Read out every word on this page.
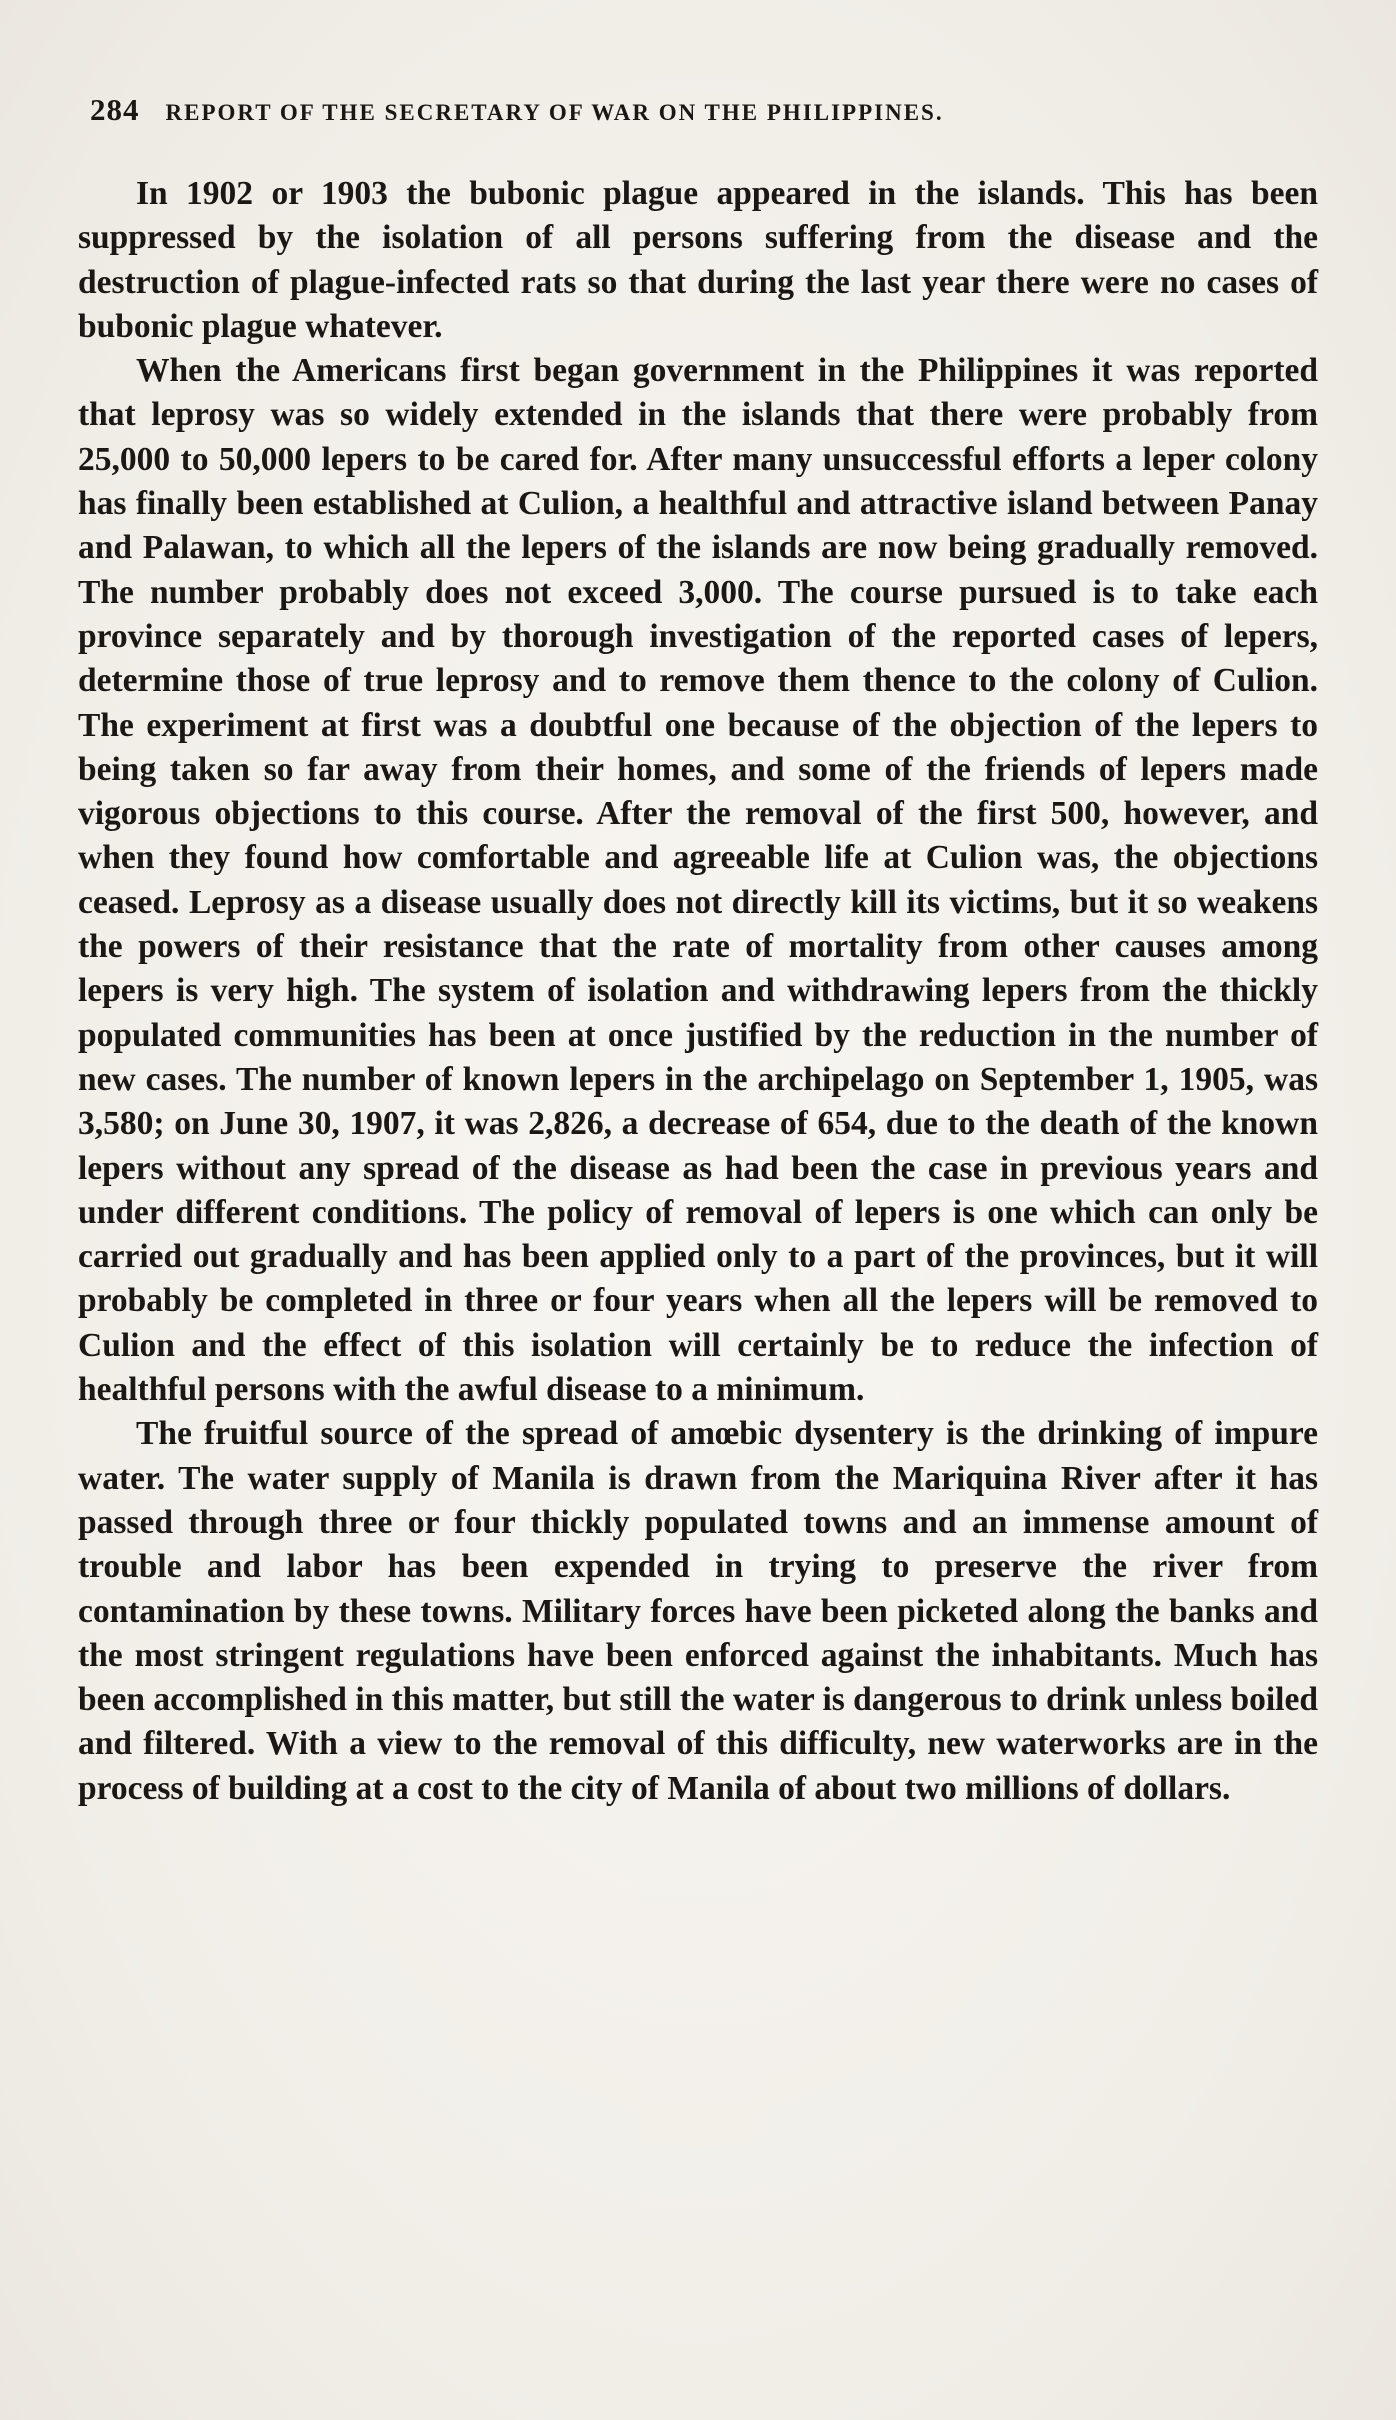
284 REPORT OF THE SECRETARY OF WAR ON THE PHILIPPINES.

In 1902 or 1903 the bubonic plague appeared in the islands. This has been suppressed by the isolation of all persons suffering from the disease and the destruction of plague-infected rats so that during the last year there were no cases of bubonic plague whatever.

When the Americans first began government in the Philippines it was reported that leprosy was so widely extended in the islands that there were probably from 25,000 to 50,000 lepers to be cared for. After many unsuccessful efforts a leper colony has finally been established at Culion, a healthful and attractive island between Panay and Palawan, to which all the lepers of the islands are now being gradually removed. The number probably does not exceed 3,000. The course pursued is to take each province separately and by thorough investigation of the reported cases of lepers, determine those of true leprosy and to remove them thence to the colony of Culion. The experiment at first was a doubtful one because of the objection of the lepers to being taken so far away from their homes, and some of the friends of lepers made vigorous objections to this course. After the removal of the first 500, however, and when they found how comfortable and agreeable life at Culion was, the objections ceased. Leprosy as a disease usually does not directly kill its victims, but it so weakens the powers of their resistance that the rate of mortality from other causes among lepers is very high. The system of isolation and withdrawing lepers from the thickly populated communities has been at once justified by the reduction in the number of new cases. The number of known lepers in the archipelago on September 1, 1905, was 3,580; on June 30, 1907, it was 2,826, a decrease of 654, due to the death of the known lepers without any spread of the disease as had been the case in previous years and under different conditions. The policy of removal of lepers is one which can only be carried out gradually and has been applied only to a part of the provinces, but it will probably be completed in three or four years when all the lepers will be removed to Culion and the effect of this isolation will certainly be to reduce the infection of healthful persons with the awful disease to a minimum.

The fruitful source of the spread of amœbic dysentery is the drinking of impure water. The water supply of Manila is drawn from the Mariquina River after it has passed through three or four thickly populated towns and an immense amount of trouble and labor has been expended in trying to preserve the river from contamination by these towns. Military forces have been picketed along the banks and the most stringent regulations have been enforced against the inhabitants. Much has been accomplished in this matter, but still the water is dangerous to drink unless boiled and filtered. With a view to the removal of this difficulty, new waterworks are in the process of building at a cost to the city of Manila of about two millions of dollars.
